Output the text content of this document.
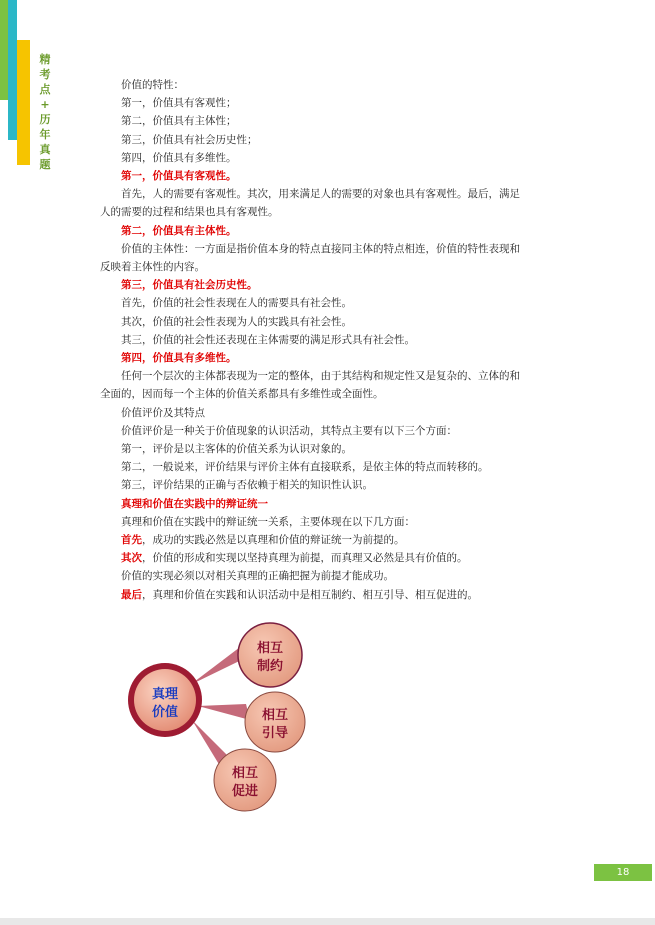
精
考
点
+
历
年
真
题
价值的特性：
第一，价值具有客观性；
第二，价值具有主体性；
第三，价值具有社会历史性；
第四，价值具有多维性。
第一，价值具有客观性。
首先，人的需要有客观性。其次，用来满足人的需要的对象也具有客观性。最后，满足
人的需要的过程和结果也具有客观性。
第二，价值具有主体性。
价值的主体性：一方面是指价值本身的特点直接同主体的特点相连，价值的特性表现和
反映着主体性的内容。
第三，价值具有社会历史性。
首先，价值的社会性表现在人的需要具有社会性。
其次，价值的社会性表现为人的实践具有社会性。
其三，价值的社会性还表现在主体需要的满足形式具有社会性。
第四，价值具有多维性。
任何一个层次的主体都表现为一定的整体，由于其结构和规定性又是复杂的、立体的和
全面的，因而每一个主体的价值关系都具有多维性或全面性。
价值评价及其特点
价值评价是一种关于价值现象的认识活动，其特点主要有以下三个方面：
第一，评价是以主客体的价值关系为认识对象的。
第二，一般说来，评价结果与评价主体有直接联系，是依主体的特点而转移的。
第三，评价结果的正确与否依赖于相关的知识性认识。
真理和价值在实践中的辩证统一
真理和价值在实践中的辩证统一关系，主要体现在以下几方面：
首先，成功的实践必然是以真理和价值的辩证统一为前提的。
其次，价值的形成和实现以坚持真理为前提，而真理又必然是具有价值的。
价值的实现必须以对相关真理的正确把握为前提才能成功。
最后，真理和价值在实践和认识活动中是相互制约、相互引导、相互促进的。
真理
价值
相互
制约
相互
引导
相互
促进
18
